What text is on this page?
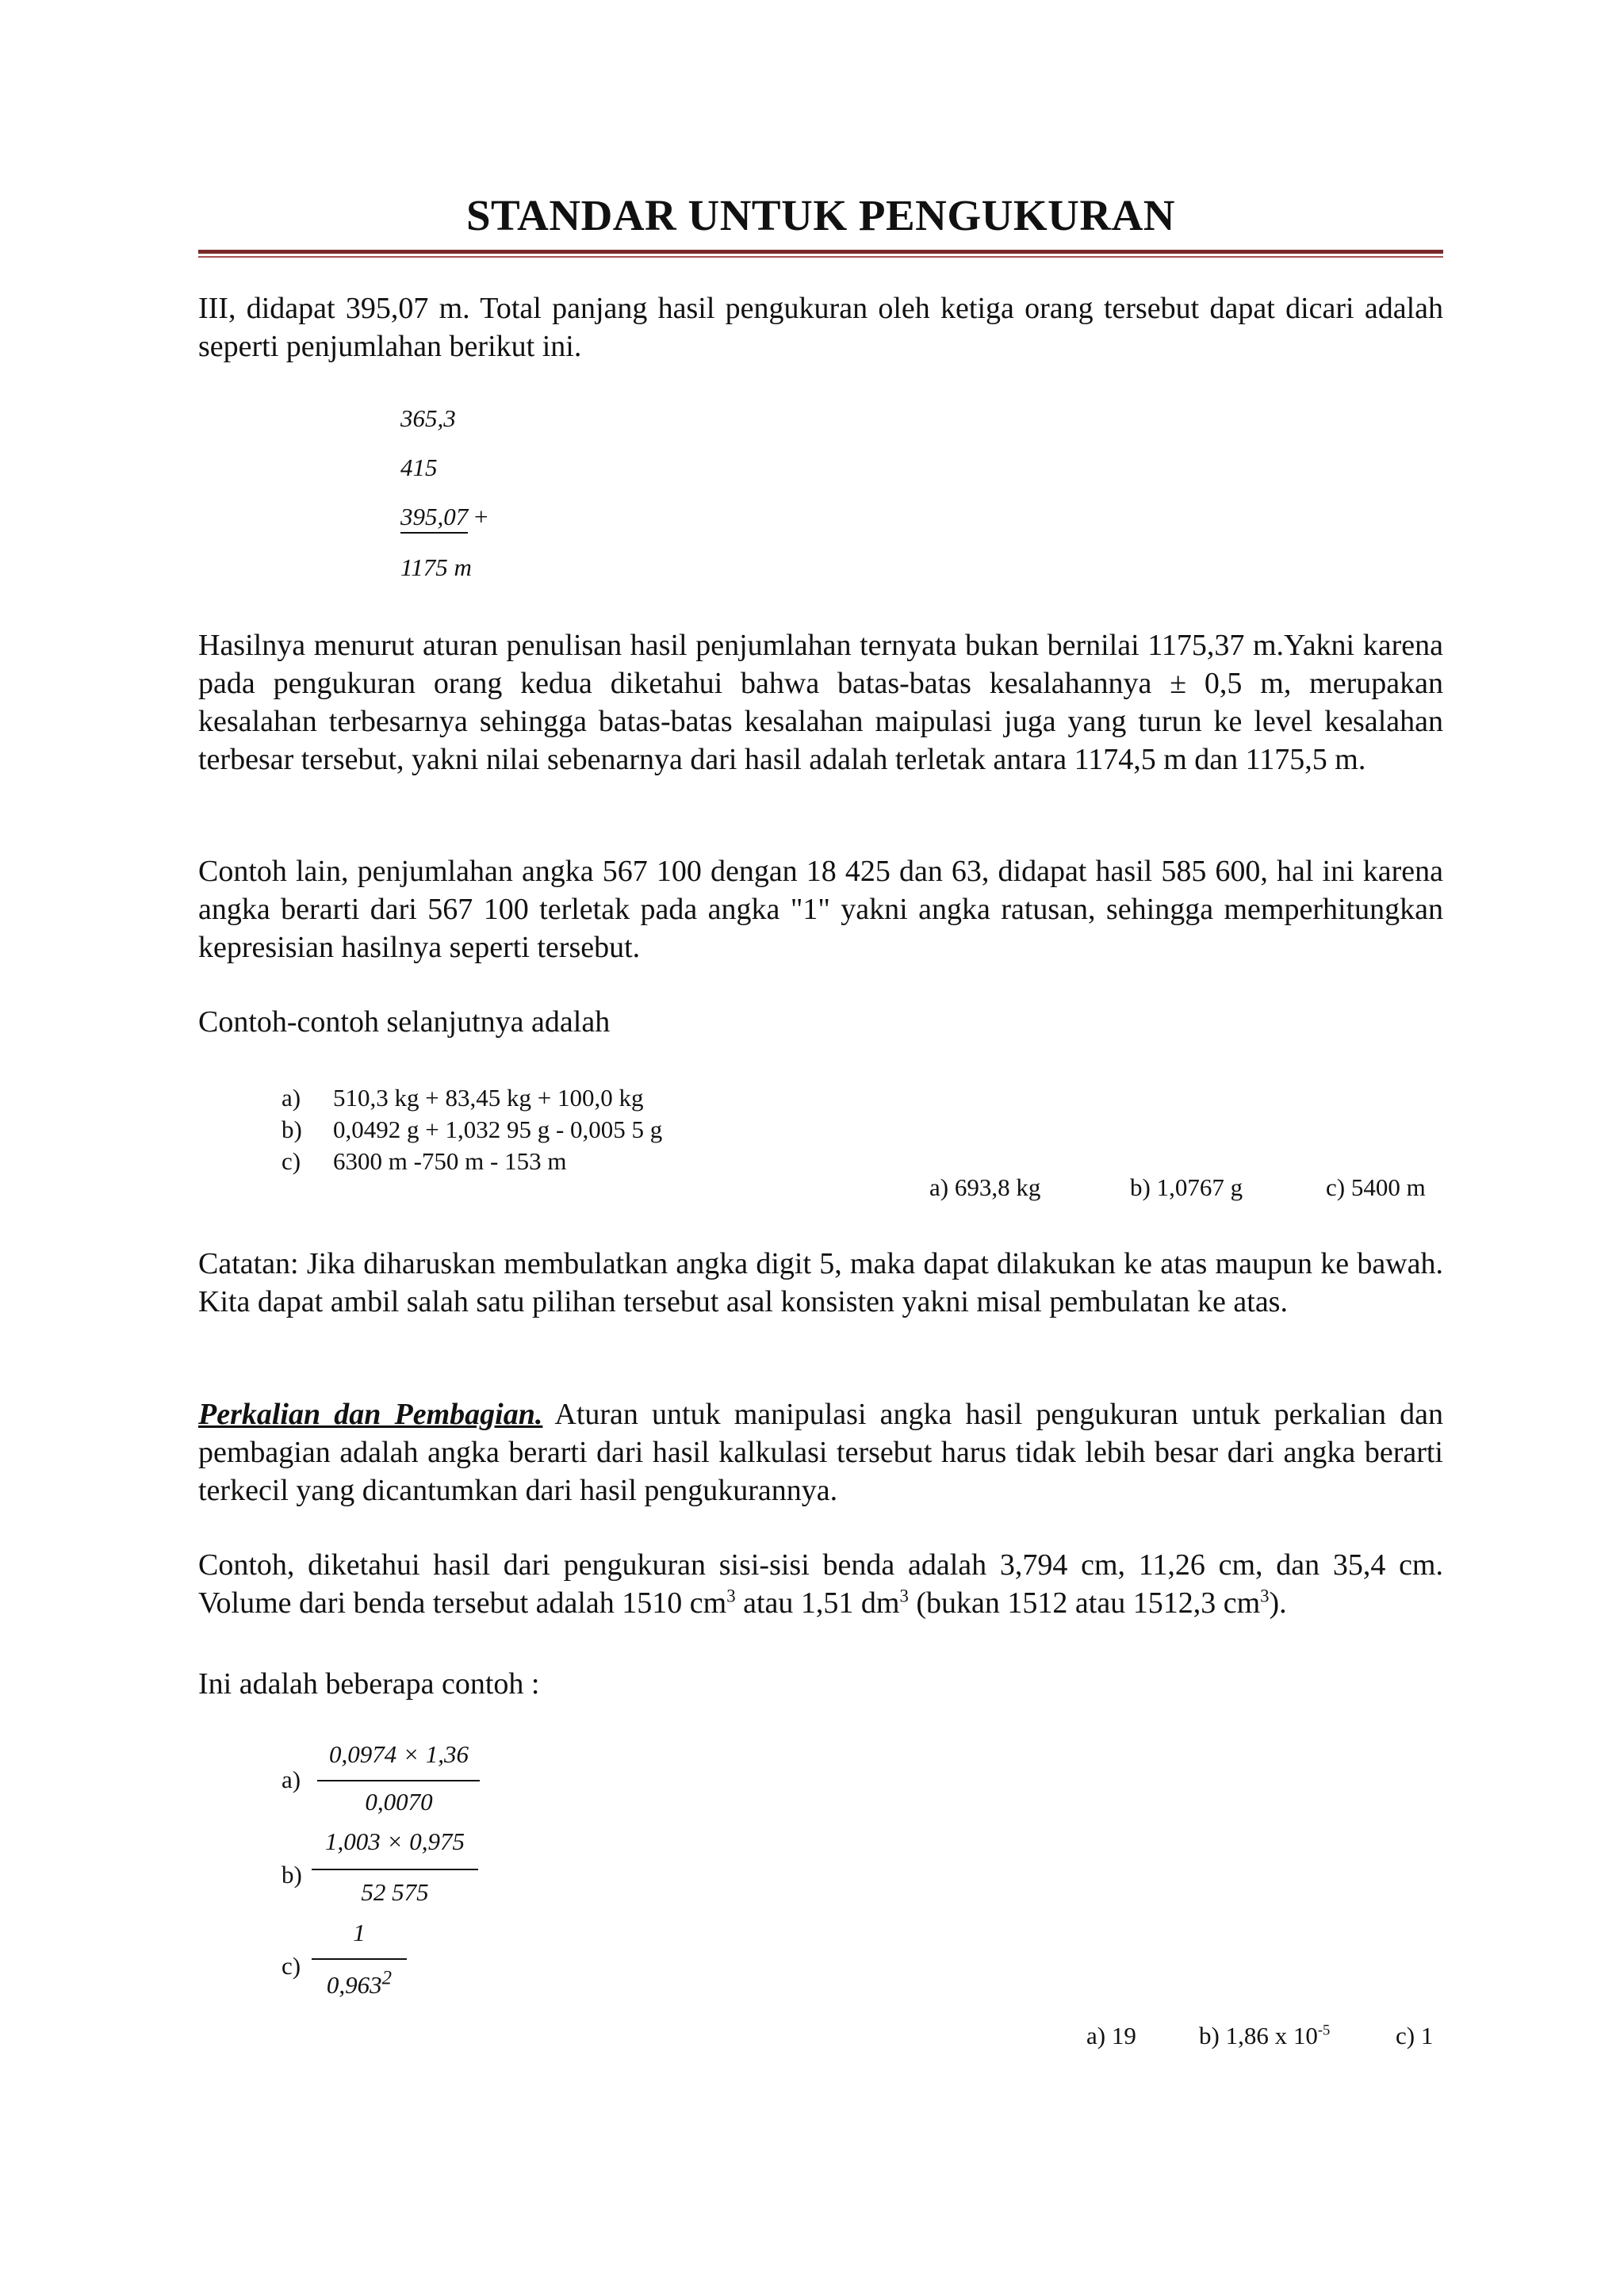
STANDAR UNTUK PENGUKURAN

III, didapat 395,07 m. Total panjang hasil pengukuran oleh ketiga orang tersebut dapat dicari adalah seperti penjumlahan berikut ini.

365,3
415
395,07 +
1175 m

Hasilnya menurut aturan penulisan hasil penjumlahan ternyata bukan bernilai 1175,37 m.Yakni karena pada pengukuran orang kedua diketahui bahwa batas-batas kesalahannya ± 0,5 m, merupakan kesalahan terbesarnya sehingga batas-batas kesalahan maipulasi juga yang turun ke level kesalahan terbesar tersebut, yakni nilai sebenarnya dari hasil adalah terletak antara 1174,5 m dan 1175,5 m.

Contoh lain, penjumlahan angka 567 100 dengan 18 425 dan 63, didapat hasil 585 600, hal ini karena angka berarti dari 567 100 terletak pada angka "1" yakni angka ratusan, sehingga memperhitungkan kepresisian hasilnya seperti tersebut.

Contoh-contoh selanjutnya adalah

a) 510,3 kg + 83,45 kg + 100,0 kg
b) 0,0492 g + 1,032 95 g - 0,005 5 g
c) 6300 m -750 m - 153 m
a) 693,8 kg	b) 1,0767 g	c) 5400 m

Catatan: Jika diharuskan membulatkan angka digit 5, maka dapat dilakukan ke atas maupun ke bawah. Kita dapat ambil salah satu pilihan tersebut asal konsisten yakni misal pembulatan ke atas.

Perkalian dan Pembagian. Aturan untuk manipulasi angka hasil pengukuran untuk perkalian dan pembagian adalah angka berarti dari hasil kalkulasi tersebut harus tidak lebih besar dari angka berarti terkecil yang dicantumkan dari hasil pengukurannya.

Contoh, diketahui hasil dari pengukuran sisi-sisi benda adalah 3,794 cm, 11,26 cm, dan 35,4 cm. Volume dari benda tersebut adalah 1510 $cm^3$ atau 1,51 $dm^3$ (bukan 1512 atau 1512,3 $cm^3$).

Ini adalah beberapa contoh :

a)
0,0974 × 1,36
0,0070
b)
1,003 × 0,975
52 575
c)
1
0,963$^2$
a) 19	b) 1,86 x $10^{-5}$	c) 1
